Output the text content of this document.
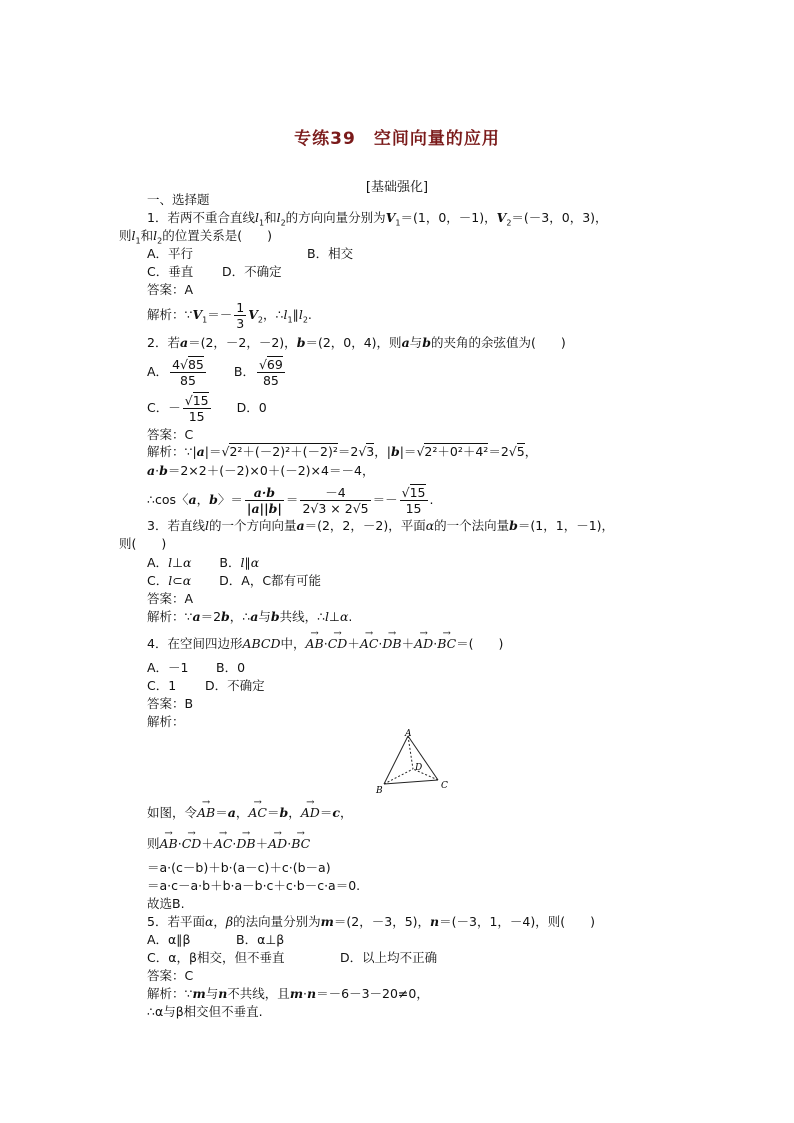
专练39　空间向量的应用
[基础强化]
一、选择题
1．若两不重合直线$l_1$和$l_2$的方向向量分别为$V_1=(1$，0，－1)，$V_2=(-3$，0，3)，
则$l_1$和$l_2$的位置关系是(　　)
A．平行	B．相交
C．垂直 D．不确定
答案：A
解析：$\because V_1=- \frac{1}{3} V_2$，$\therefore l_1\parallel l_2$.
2．若a＝(2，－2，－2)，b＝(2，0，4)，则a与b的夹角的余弦值为(　　)
A． $\frac{4√85}{85}$ B． $\frac{√69}{85}$
C．－ $\frac{√15}{15}$ D．0
答案：C
解析：∵|a|＝√2²＋(－2)²＋(－2)²＝2√3，|b|＝√2²＋0²＋4²＝2√5，
a·b＝2×2＋(－2)×0＋(－2)×4＝－4，
∴cos〈a，b〉＝ $\frac{a\cdot b}{|a||b|} = \frac{-4}{2√3 \times 2√5} =- \frac{√15}{15}$ .
3．若直线l的一个方向向量a＝(2，2，－2)，平面α的一个法向量b＝(1，1，－1)，
则(　　)
A．l⊥α B．l∥α
C．l⊂α D．A，C都有可能
答案：A
解析：∵a＝2b，∴a与b共线，∴l⊥α.
4．在空间四边形ABCD中，→ AB·→ CD＋→ AC·→ DB＋→ AD·→ BC＝(　　)
A．－1 B．0
C．1 D．不确定
答案：B
解析：
A
B	C
D
如图，令→ AB＝a，→ AC＝b，→ AD＝c，
则→ AB·→ CD＋→ AC·→ DB＋→ AD·→ BC
＝a·(c－b)＋b·(a－c)＋c·(b－a)
＝a·c－a·b＋b·a－b·c＋c·b－c·a＝0.
故选B.
5．若平面α，β的法向量分别为m＝(2，－3，5)，n＝(－3，1，－4)，则(　　)
A．α∥β	B．α⊥β
C．α，β相交，但不垂直	D．以上均不正确
答案：C
解析：∵m与n不共线，且m·n＝－6－3－20≠0，
∴α与β相交但不垂直.
